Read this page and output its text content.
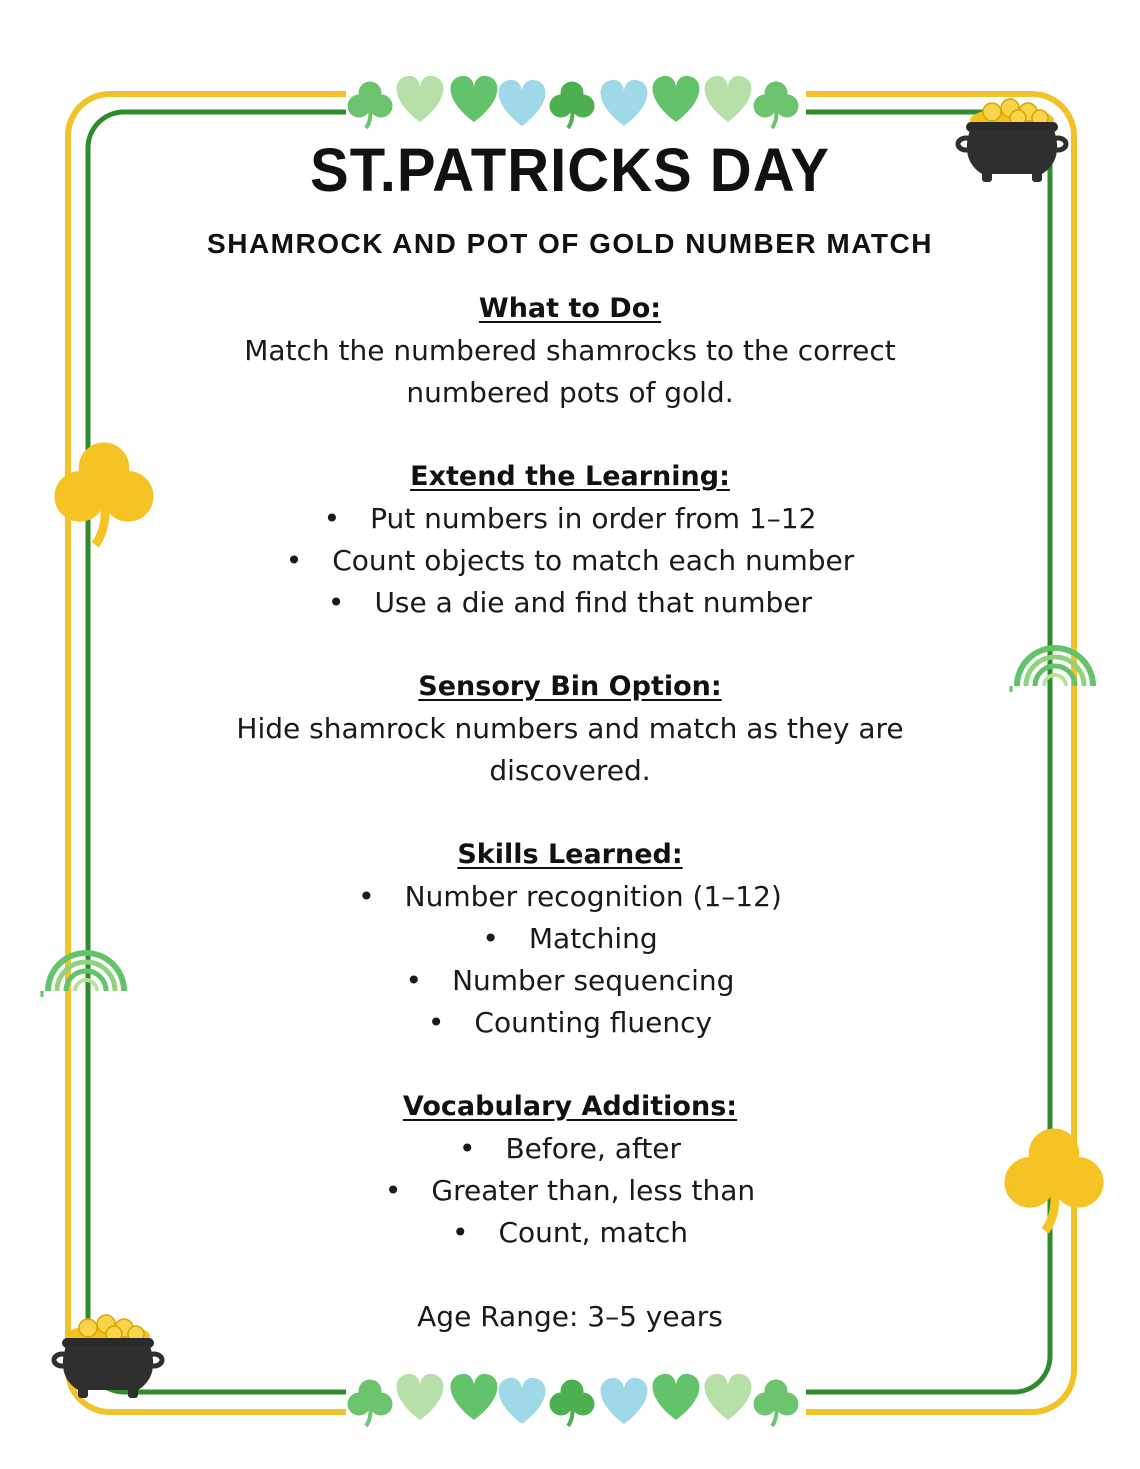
ST.PATRICKS DAY
SHAMROCK AND POT OF GOLD NUMBER MATCH

What to Do:

Match the numbered shamrocks to the correct numbered pots of gold.

Extend the Learning:

• Put numbers in order from 1–12
• Count objects to match each number
• Use a die and find that number

Sensory Bin Option:

Hide shamrock numbers and match as they are discovered.

Skills Learned:

• Number recognition (1–12)
• Matching
• Number sequencing
• Counting fluency

Vocabulary Additions:

• Before, after
• Greater than, less than
• Count, match

Age Range: 3–5 years
